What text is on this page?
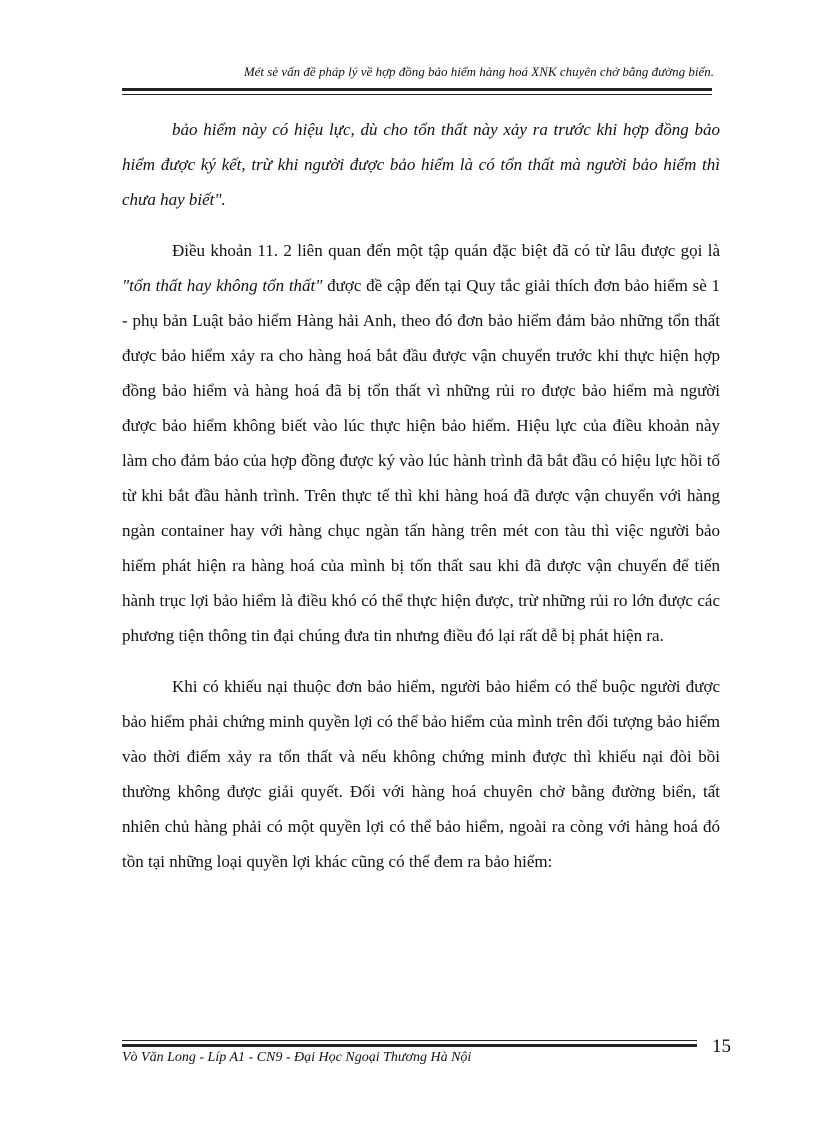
Mét sè vấn đề pháp lý về hợp đồng bảo hiểm hàng hoá XNK chuyên chở bằng đường biển.

bảo hiểm này có hiệu lực, dù cho tổn thất này xảy ra trước khi hợp đồng bảo hiểm được ký kết, trừ khi người được bảo hiểm là có tổn thất mà người bảo hiểm thì chưa hay biết".

Điều khoản 11. 2 liên quan đến một tập quán đặc biệt đã có từ lâu được gọi là "tổn thất hay không tổn thất" được đề cập đến tại Quy tắc giải thích đơn bảo hiểm sè 1 - phụ bản Luật bảo hiểm Hàng hải Anh, theo đó đơn bảo hiểm đảm bảo những tổn thất được bảo hiểm xảy ra cho hàng hoá bắt đầu được vận chuyển trước khi thực hiện hợp đồng bảo hiểm và hàng hoá đã bị tổn thất vì những rủi ro được bảo hiểm mà người được bảo hiểm không biết vào lúc thực hiện bảo hiểm. Hiệu lực của điều khoản này làm cho đảm bảo của hợp đồng được ký vào lúc hành trình đã bắt đầu có hiệu lực hồi tố từ khi bắt đầu hành trình. Trên thực tế thì khi hàng hoá đã được vận chuyển với hàng ngàn container hay với hàng chục ngàn tấn hàng trên mét con tàu thì việc người bảo hiểm phát hiện ra hàng hoá của mình bị tổn thất sau khi đã được vận chuyển để tiến hành trục lợi bảo hiểm là điều khó có thể thực hiện được, trừ những rủi ro lớn được các phương tiện thông tin đại chúng đưa tin nhưng điều đó lại rất dễ bị phát hiện ra.

Khi có khiếu nại thuộc đơn bảo hiểm, người bảo hiểm có thể buộc người được bảo hiểm phải chứng minh quyền lợi có thể bảo hiểm của mình trên đối tượng bảo hiểm vào thời điểm xảy ra tổn thất và nếu không chứng minh được thì khiếu nại đòi bồi thường không được giải quyết. Đối với hàng hoá chuyên chở bằng đường biển, tất nhiên chủ hàng phải có một quyền lợi có thể bảo hiểm, ngoài ra còng với hàng hoá đó tồn tại những loại quyền lợi khác cũng có thể đem ra bảo hiểm:

15
Vò Văn Long - Líp A1 - CN9 - Đại Học Ngoại Thương Hà Nội
